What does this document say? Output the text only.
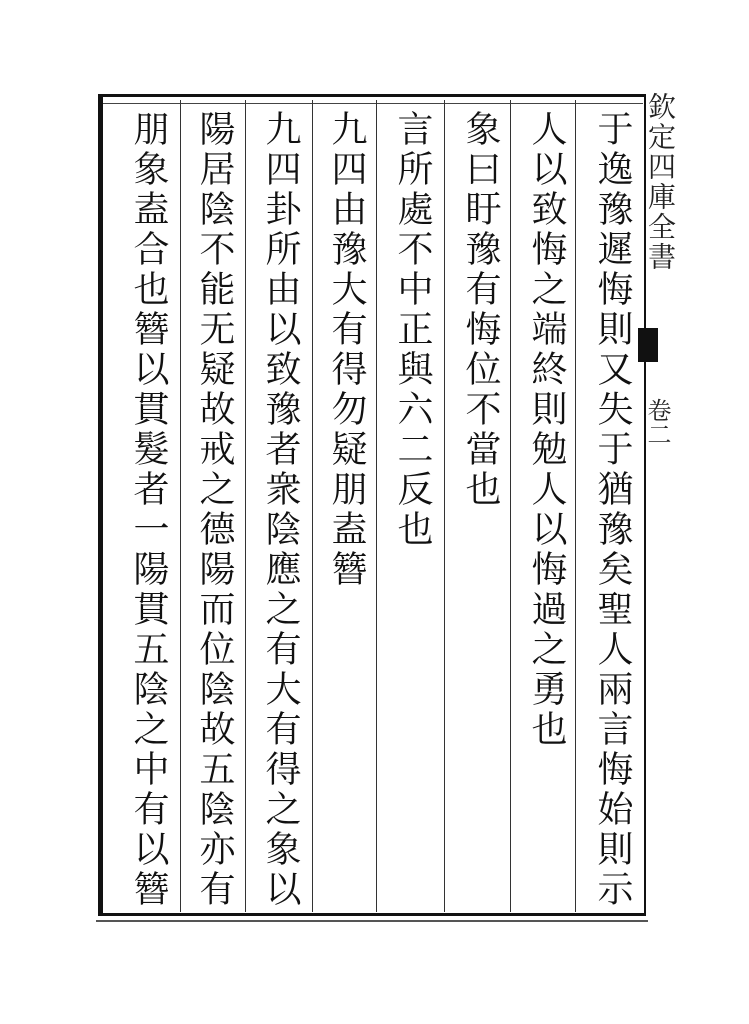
欽定四庫全書
卷二
于逸豫遲悔則又失于猶豫矣聖人兩言悔始則示
人以致悔之端終則勉人以悔過之勇也
象曰盱豫有悔位不當也
言所處不中正與六二反也
九四由豫大有得勿疑朋盍簪
九四卦所由以致豫者衆陰應之有大有得之象以
陽居陰不能无疑故戒之德陽而位陰故五陰亦有
朋象盍合也簪以貫髮者一陽貫五陰之中有以簪
